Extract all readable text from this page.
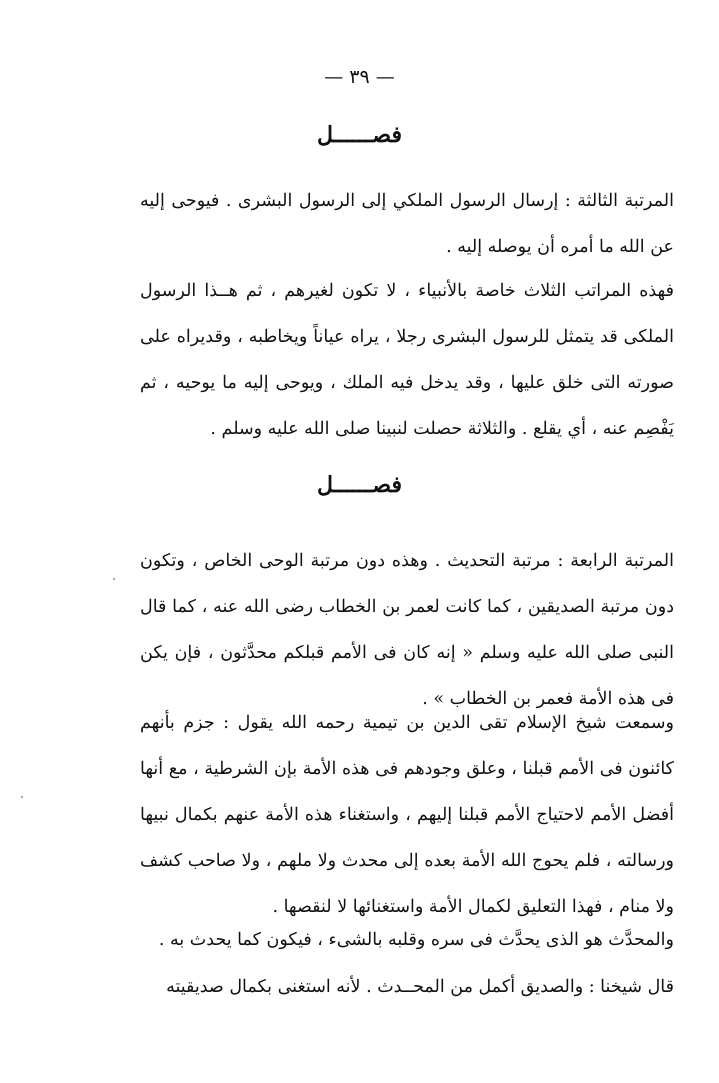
— ٣٩ —
فصــــــل

المرتبة الثالثة : إرسال الرسول الملكي إلى الرسول البشرى . فيوحى إليه عن الله ما أمره أن يوصله إليه .

فهذه المراتب الثلاث خاصة بالأنبياء ، لا تكون لغيرهم ، ثم هــذا الرسول الملكى قد يتمثل للرسول البشرى رجلا ، يراه عياناً ويخاطبه ، وقديراه على صورته التى خلق عليها ، وقد يدخل فيه الملك ، ويوحى إليه ما يوحيه ، ثم يَفْصِم عنه ، أي يقلع . والثلاثة حصلت لنبينا صلى الله عليه وسلم .

فصــــــل

المرتبة الرابعة : مرتبة التحديث . وهذه دون مرتبة الوحى الخاص ، وتكون دون مرتبة الصديقين ، كما كانت لعمر بن الخطاب رضى الله عنه ، كما قال النبى صلى الله عليه وسلم « إنه كان فى الأمم قبلكم محدَّثون ، فإن يكن فى هذه الأمة فعمر بن الخطاب » .

وسمعت شيخ الإسلام تقى الدين بن تيمية رحمه الله يقول : جزم بأنهم كائنون فى الأمم قبلنا ، وعلق وجودهم فى هذه الأمة بإن الشرطية ، مع أنها أفضل الأمم لاحتياج الأمم قبلنا إليهم ، واستغناء هذه الأمة عنهم بكمال نبيها ورسالته ، فلم يحوج الله الأمة بعده إلى محدث ولا ملهم ، ولا صاحب كشف ولا منام ، فهذا التعليق لكمال الأمة واستغنائها لا لنقصها .

والمحدَّث هو الذى يحدَّث فى سره وقلبه بالشىء ، فيكون كما يحدث به .

قال شيخنا : والصديق أكمل من المحــدث . لأنه استغنى بكمال صديقيته
